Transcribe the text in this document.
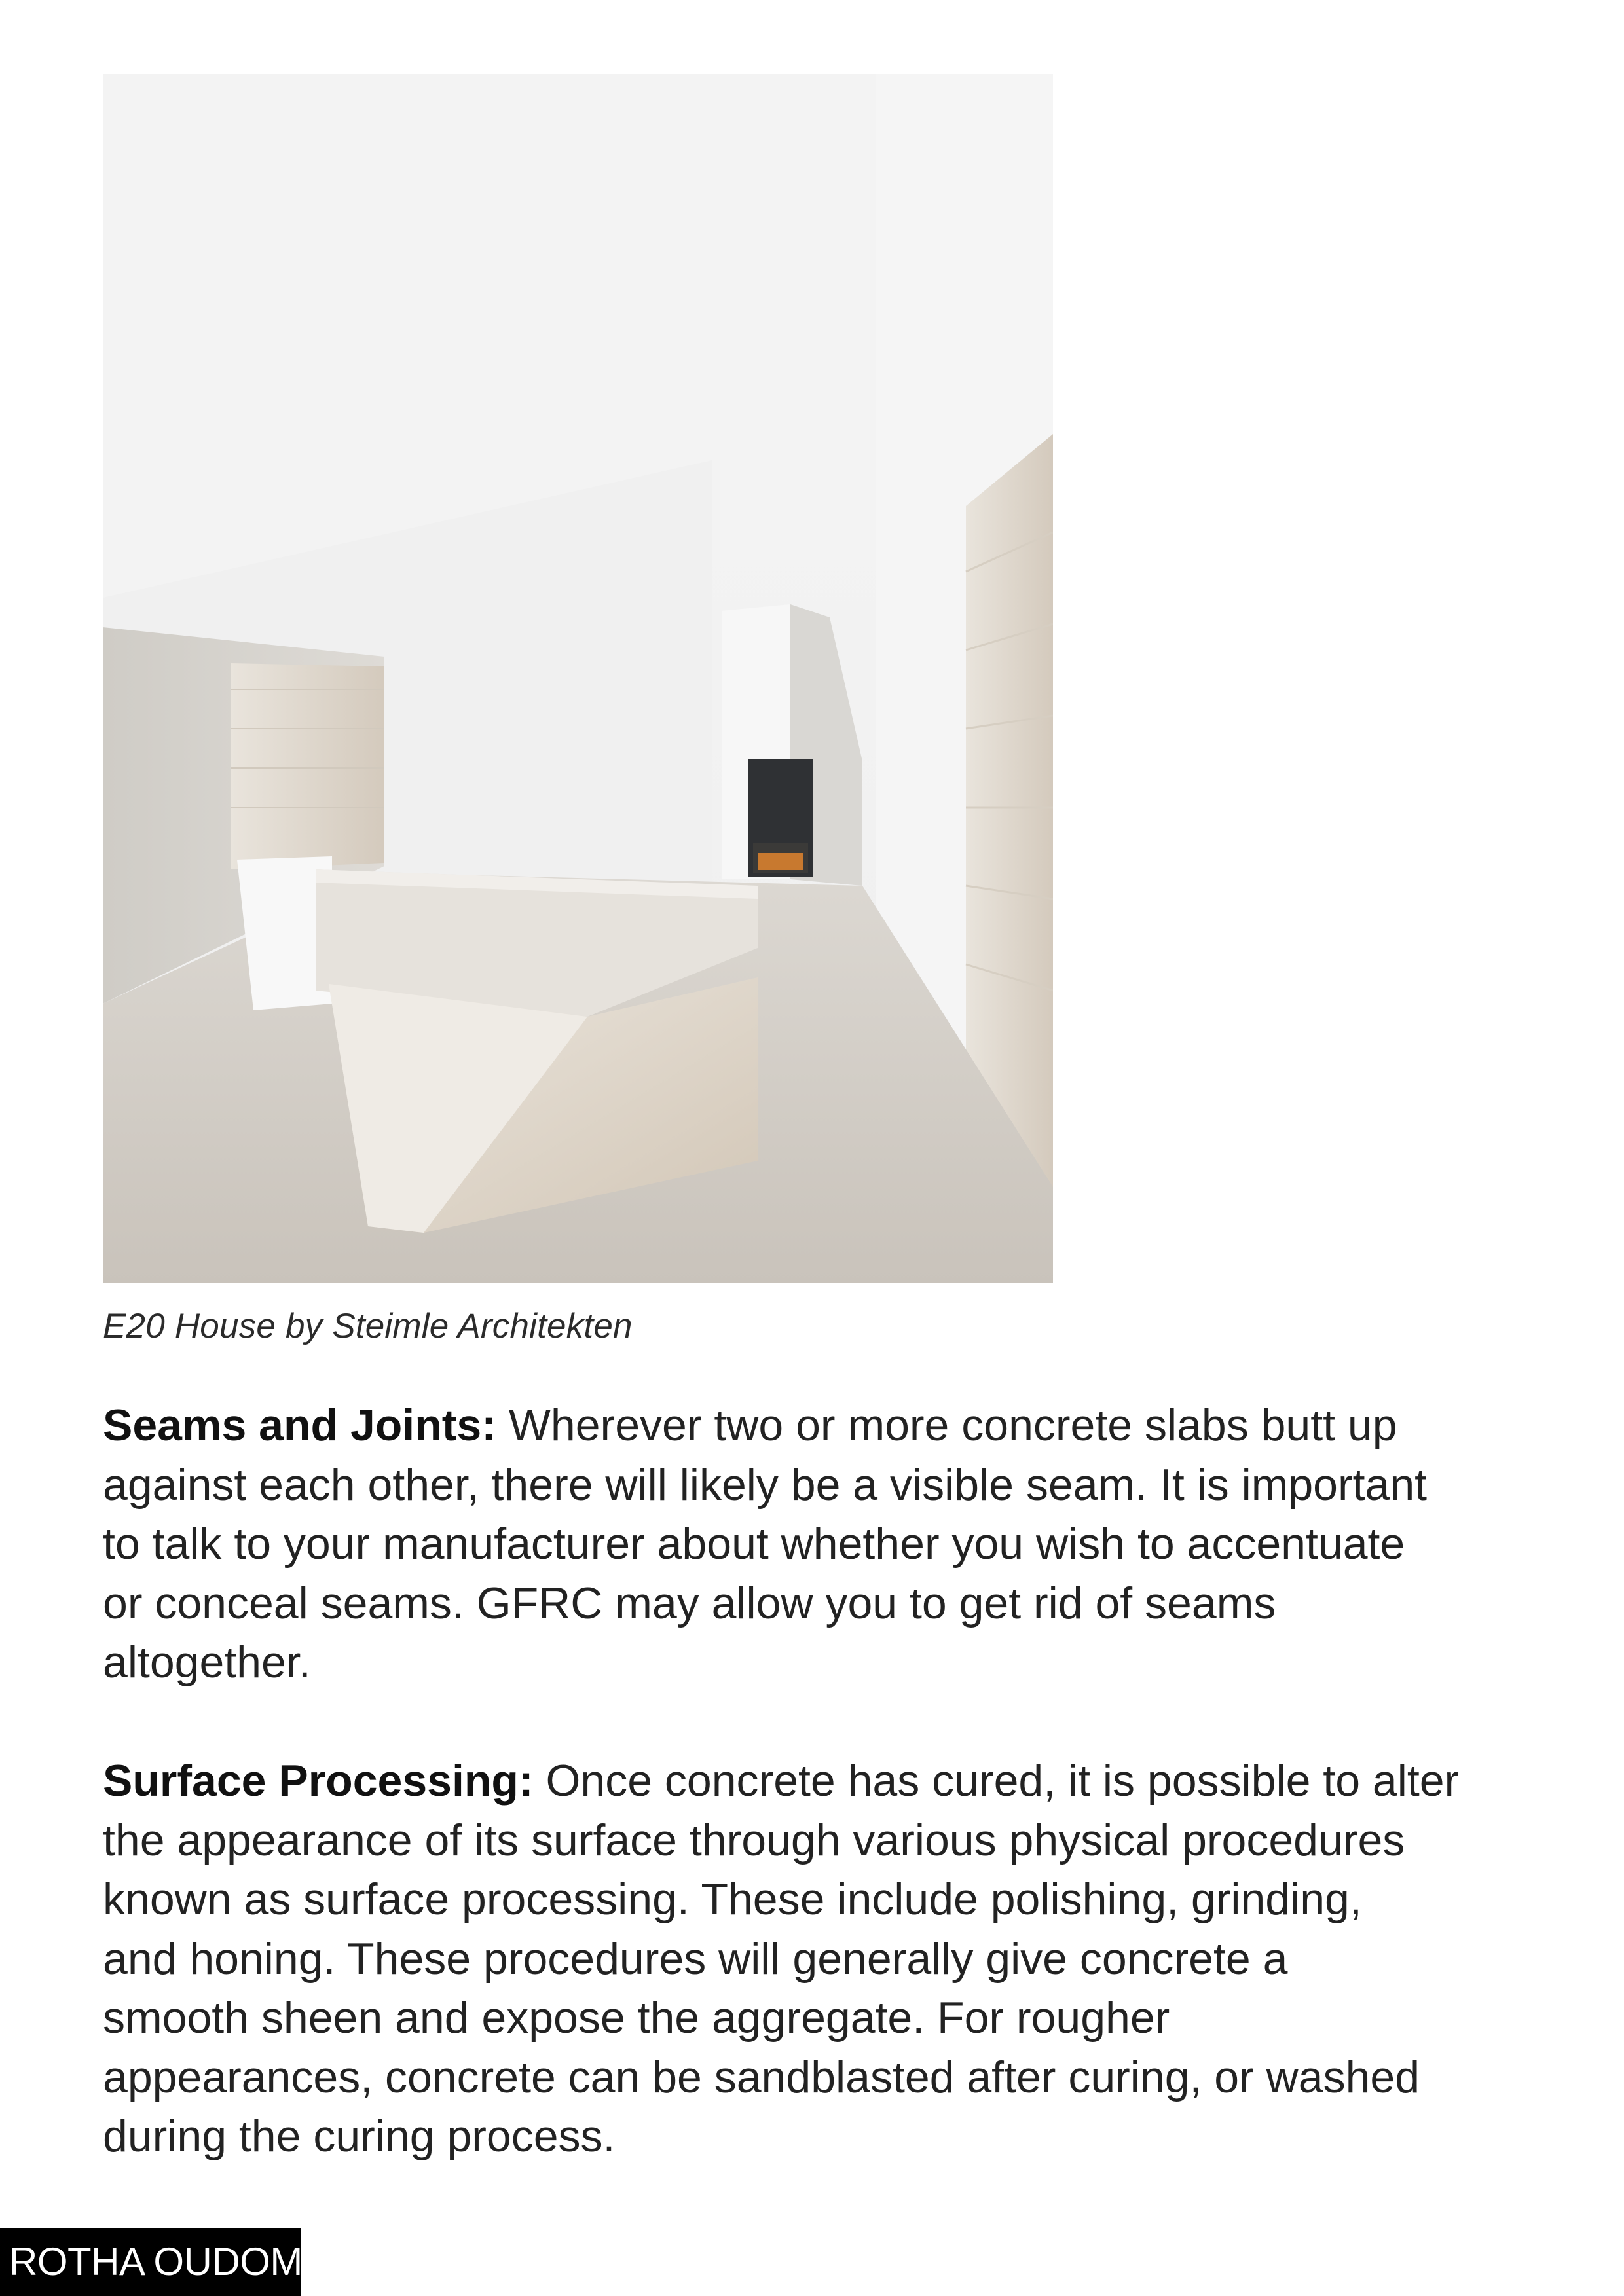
E20 House by Steimle Architekten

Seams and Joints: Wherever two or more concrete slabs butt up
against each other, there will likely be a visible seam. It is important
to talk to your manufacturer about whether you wish to accentuate
or conceal seams. GFRC may allow you to get rid of seams
altogether.

Surface Processing: Once concrete has cured, it is possible to alter
the appearance of its surface through various physical procedures
known as surface processing. These include polishing, grinding,
and honing. These procedures will generally give concrete a
smooth sheen and expose the aggregate. For rougher
appearances, concrete can be sandblasted after curing, or washed
during the curing process.

ROTHA OUDOM
